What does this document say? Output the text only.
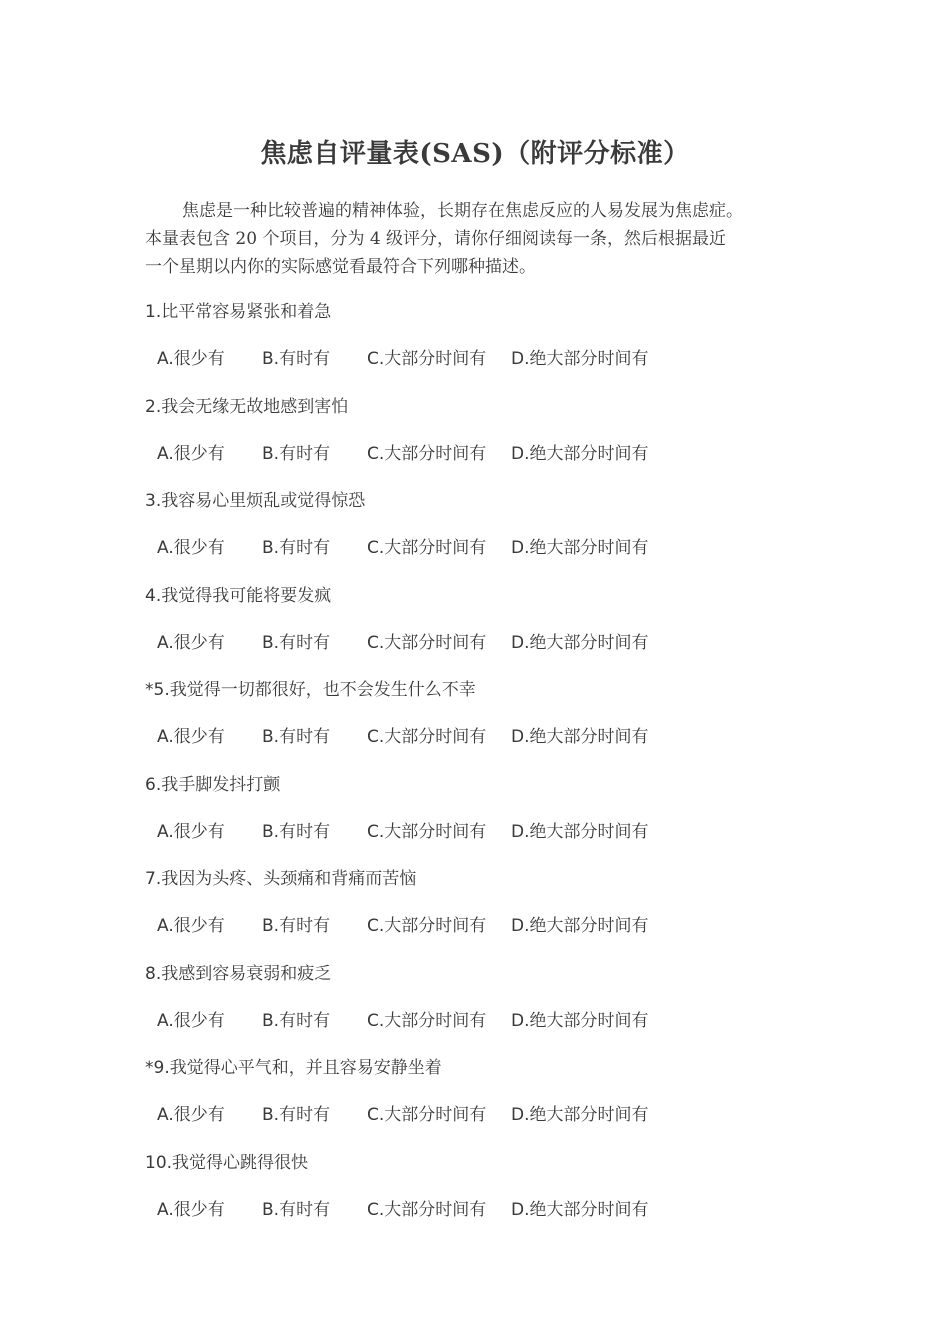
焦虑自评量表(SAS)（附评分标准）
焦虑是一种比较普遍的精神体验，长期存在焦虑反应的人易发展为焦虑症。
本量表包含 20 个项目，分为 4 级评分，请你仔细阅读每一条，然后根据最近
一个星期以内你的实际感觉看最符合下列哪种描述。
1.比平常容易紧张和着急
A.很少有 B.有时有 C.大部分时间有 D.绝大部分时间有
2.我会无缘无故地感到害怕
A.很少有 B.有时有 C.大部分时间有 D.绝大部分时间有
3.我容易心里烦乱或觉得惊恐
A.很少有 B.有时有 C.大部分时间有 D.绝大部分时间有
4.我觉得我可能将要发疯
A.很少有 B.有时有 C.大部分时间有 D.绝大部分时间有
*5.我觉得一切都很好，也不会发生什么不幸
A.很少有 B.有时有 C.大部分时间有 D.绝大部分时间有
6.我手脚发抖打颤
A.很少有 B.有时有 C.大部分时间有 D.绝大部分时间有
7.我因为头疼、头颈痛和背痛而苦恼
A.很少有 B.有时有 C.大部分时间有 D.绝大部分时间有
8.我感到容易衰弱和疲乏
A.很少有 B.有时有 C.大部分时间有 D.绝大部分时间有
*9.我觉得心平气和，并且容易安静坐着
A.很少有 B.有时有 C.大部分时间有 D.绝大部分时间有
10.我觉得心跳得很快
A.很少有 B.有时有 C.大部分时间有 D.绝大部分时间有
